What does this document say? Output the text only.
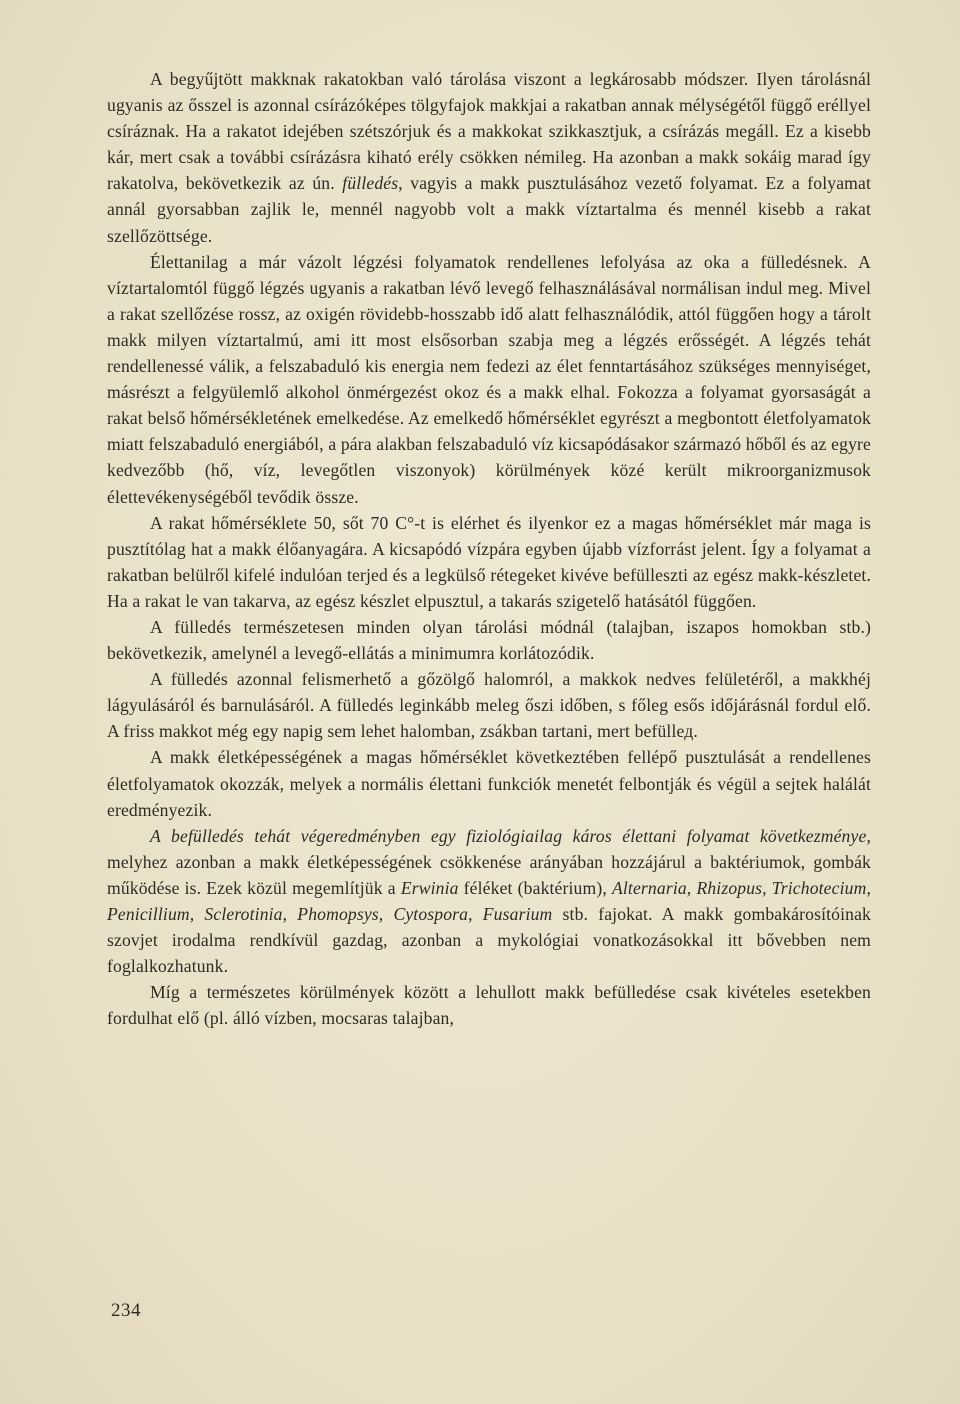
A begyűjtött makknak rakatokban való tárolása viszont a legkárosabb módszer. Ilyen tárolásnál ugyanis az ősszel is azonnal csírázóképes tölgyfajok makkjai a rakatban annak mélységétől függő eréllyel csíráznak. Ha a rakatot idejében szétszórjuk és a makkokat szikkasztjuk, a csírázás megáll. Ez a kisebb kár, mert csak a további csírázásra kiható erély csökken némileg. Ha azonban a makk sokáig marad így rakatolva, bekövetkezik az ún. fülledés, vagyis a makk pusztulásához vezető folyamat. Ez a folyamat annál gyorsabban zajlik le, mennél nagyobb volt a makk víztartalma és mennél kisebb a rakat szellőzöttsége.

Élettanilag a már vázolt légzési folyamatok rendellenes lefolyása az oka a fülledésnek. A víztartalomtól függő légzés ugyanis a rakatban lévő levegő felhasználásával normálisan indul meg. Mivel a rakat szellőzése rossz, az oxigén rövidebb-hosszabb idő alatt felhasználódik, attól függően hogy a tárolt makk milyen víztartalmú, ami itt most elsősorban szabja meg a légzés erősségét. A légzés tehát rendellenessé válik, a felszabaduló kis energia nem fedezi az élet fenntartásához szükséges mennyiséget, másrészt a felgyülemlő alkohol önmérgezést okoz és a makk elhal. Fokozza a folyamat gyorsaságát a rakat belső hőmérsékletének emelkedése. Az emelkedő hőmérséklet egyrészt a megbontott életfolyamatok miatt felszabaduló energiából, a pára alakban felszabaduló víz kicsapódásakor származó hőből és az egyre kedvezőbb (hő, víz, levegőtlen viszonyok) körülmények közé került mikroorganizmusok élettevékenységéből tevődik össze.

A rakat hőmérséklete 50, sőt 70 C°-t is elérhet és ilyenkor ez a magas hőmérséklet már maga is pusztítólag hat a makk élőanyagára. A kicsapódó vízpára egyben újabb vízforrást jelent. Így a folyamat a rakatban belülről kifelé indulóan terjed és a legkülső rétegeket kivéve befülleszti az egész makk-készletet. Ha a rakat le van takarva, az egész készlet elpusztul, a takarás szigetelő hatásától függően.

A fülledés természetesen minden olyan tárolási módnál (talajban, iszapos homokban stb.) bekövetkezik, amelynél a levegő-ellátás a minimumra korlátozódik.

A fülledés azonnal felismerhető a gőzölgő halomról, a makkok nedves felületéről, a makkhéj lágyulásáról és barnulásáról. A fülledés leginkább meleg őszi időben, s főleg esős időjárásnál fordul elő. A friss makkot még egy napig sem lehet halomban, zsákban tartani, mert befüllед.

A makk életképességének a magas hőmérséklet következtében fellépő pusztulását a rendellenes életfolyamatok okozzák, melyek a normális élettani funkciók menetét felbontják és végül a sejtek halálát eredményezik.

A befülledés tehát végeredményben egy fiziológiailag káros élettani folyamat következménye, melyhez azonban a makk életképességének csökkenése arányában hozzájárul a baktériumok, gombák működése is. Ezek közül megemlítjük a Erwinia féléket (baktérium), Alternaria, Rhizopus, Trichotecium, Penicillium, Sclerotinia, Phomopsys, Cytospora, Fusarium stb. fajokat. A makk gombakárosítóinak szovjet irodalma rendkívül gazdag, azonban a mykológiai vonatkozásokkal itt bővebben nem foglalkozhatunk.

Míg a természetes körülmények között a lehullott makk befülledése csak kivételes esetekben fordulhat elő (pl. álló vízben, mocsaras talajban,

234
